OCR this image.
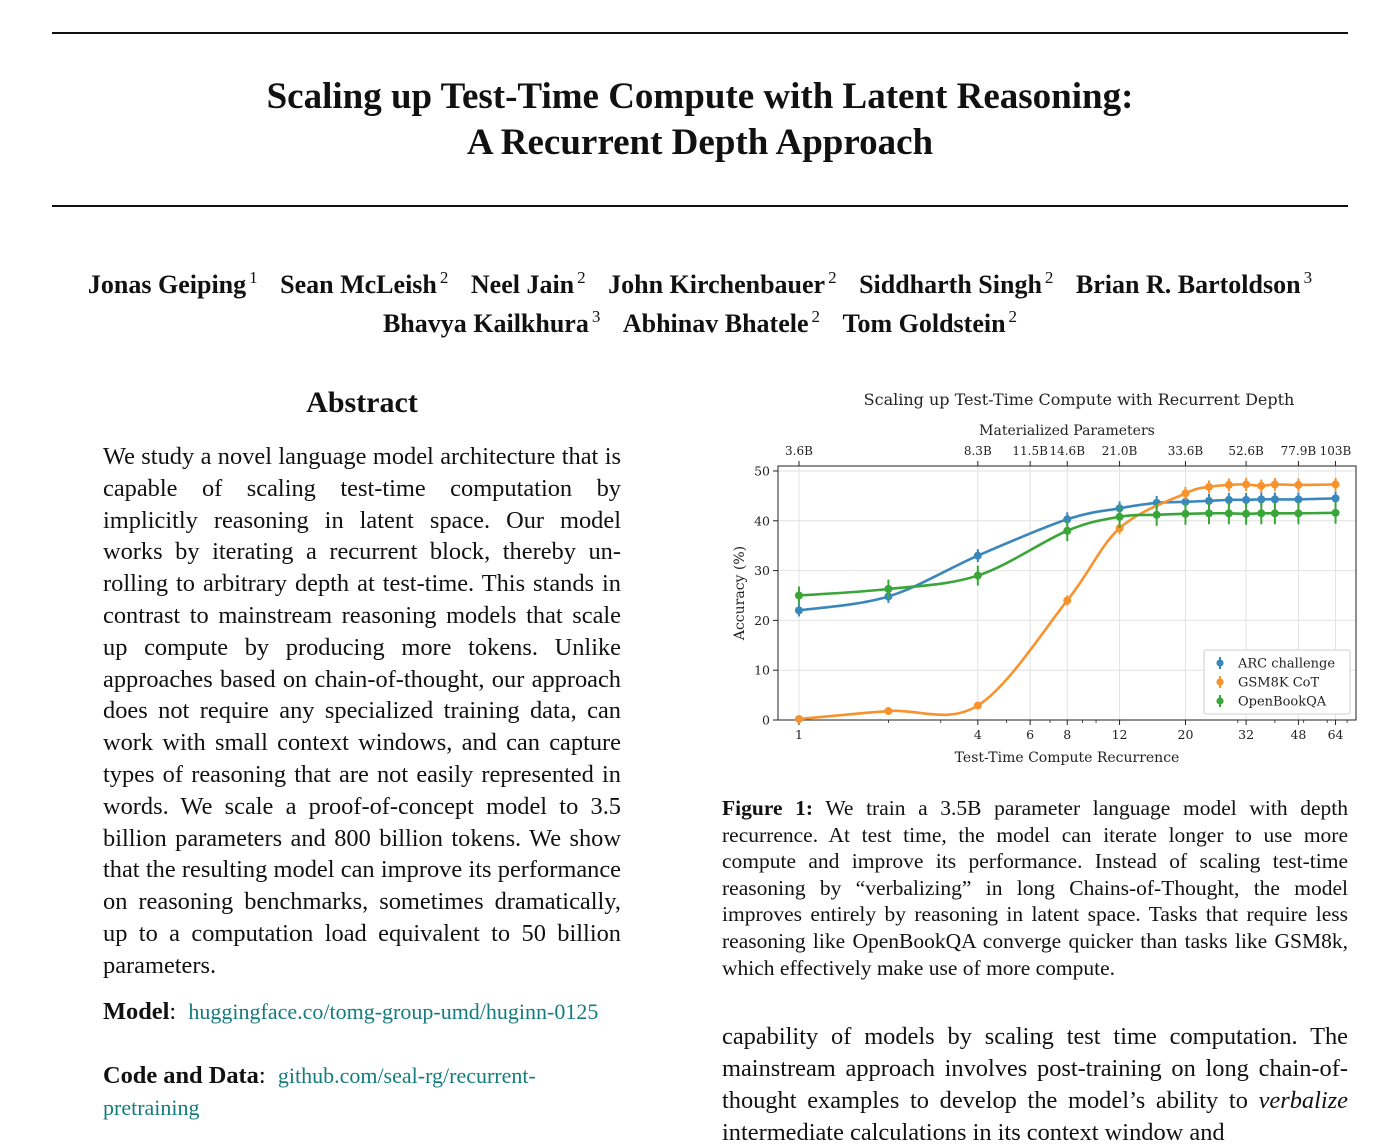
Scaling up Test-Time Compute with Latent Reasoning:
A Recurrent Depth Approach
Jonas Geiping $^1$ Sean McLeish $^2$ Neel Jain $^2$ John Kirchenbauer $^2$ Siddharth Singh $^2$ Brian R. Bartoldson $^3$
Bhavya Kailkhura $^3$ Abhinav Bhatele $^2$ Tom Goldstein $^2$
Abstract

We study a novel language model architecture that is capable of scaling test-time computation by implicitly reasoning in latent space. Our model works by iterating a recurrent block, thereby unrolling to arbitrary depth at test-time. This stands in contrast to mainstream reasoning models that scale up compute by producing more tokens. Unlike approaches based on chain-of-thought, our approach does not require any specialized training data, can work with small context windows, and can capture types of reasoning that are not easily represented in words. We scale a proof-of-concept model to 3.5 billion parameters and 800 billion tokens. We show that the resulting model can improve its performance on reasoning benchmarks, sometimes dramatically, up to a computation load equivalent to 50 billion parameters.

Model:  huggingface.co/tomg-group-umd/huginn-0125
Code and Data:  github.com/seal-rg/recurrent-pretraining
Scaling up Test-Time Compute with Recurrent Depth
Materialized Parameters
1	4	6 8	12	20	32	48 64
0
10
20
30
40
50
3.6B	8.3B 11.5B 14.6B 21.0B	33.6B 52.6B 77.9B 103B
Test-Time Compute Recurrence
Accuracy (%)
ARC challenge
GSM8K CoT
OpenBookQA

Figure 1: We train a 3.5B parameter language model with depth recurrence. At test time, the model can iterate longer to use more compute and improve its performance. Instead of scaling test-time reasoning by “verbalizing” in long Chains-of-Thought, the model improves entirely by reasoning in latent space. Tasks that require less reasoning like OpenBookQA converge quicker than tasks like GSM8k, which effectively make use of more compute.

capability of models by scaling test time computation. The mainstream approach involves post-training on long chain-of-thought examples to develop the model’s ability to verbalize intermediate calculations in its context window and
